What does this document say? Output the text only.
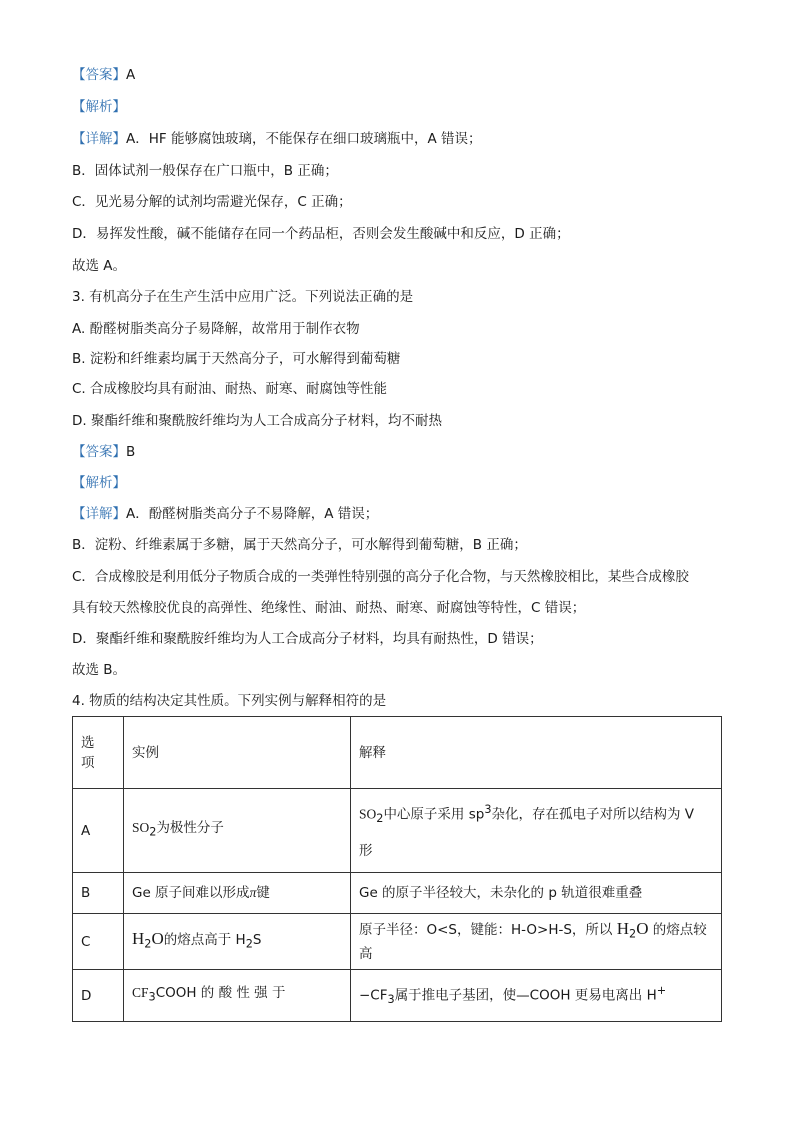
【答案】A
【解析】
【详解】A．HF 能够腐蚀玻璃，不能保存在细口玻璃瓶中，A 错误；
B．固体试剂一般保存在广口瓶中，B 正确；
C．见光易分解的试剂均需避光保存，C 正确；
D．易挥发性酸，碱不能储存在同一个药品柜，否则会发生酸碱中和反应，D 正确；
故选 A。
3. 有机高分子在生产生活中应用广泛。下列说法正确的是
A. 酚醛树脂类高分子易降解，故常用于制作衣物
B. 淀粉和纤维素均属于天然高分子，可水解得到葡萄糖
C. 合成橡胶均具有耐油、耐热、耐寒、耐腐蚀等性能
D. 聚酯纤维和聚酰胺纤维均为人工合成高分子材料，均不耐热
【答案】B
【解析】
【详解】A．酚醛树脂类高分子不易降解，A 错误；
B．淀粉、纤维素属于多糖，属于天然高分子，可水解得到葡萄糖，B 正确；
C．合成橡胶是利用低分子物质合成的一类弹性特别强的高分子化合物，与天然橡胶相比，某些合成橡胶
具有较天然橡胶优良的高弹性、绝缘性、耐油、耐热、耐寒、耐腐蚀等特性，C 错误；
D．聚酯纤维和聚酰胺纤维均为人工合成高分子材料，均具有耐热性，D 错误；
故选 B。
4. 物质的结构决定其性质。下列实例与解释相符的是
选
项	实例	解释
A	$SO_2$为极性分子	$SO_2$中心原子采用 $sp^3$杂化，存在孤电子对所以结构为 V
形

B	Ge 原子间难以形成π键	Ge 的原子半径较大，未杂化的 p 轨道很难重叠
C	$H_2O$的熔点高于 $H_2S$	原子半径：O<S，键能：H-O>H-S，所以 $H_2O$ 的熔点较高
D	$CF_3COOH$ 的 酸 性 强 于	$-CF_3$属于推电子基团，使—COOH 更易电离出 H+
